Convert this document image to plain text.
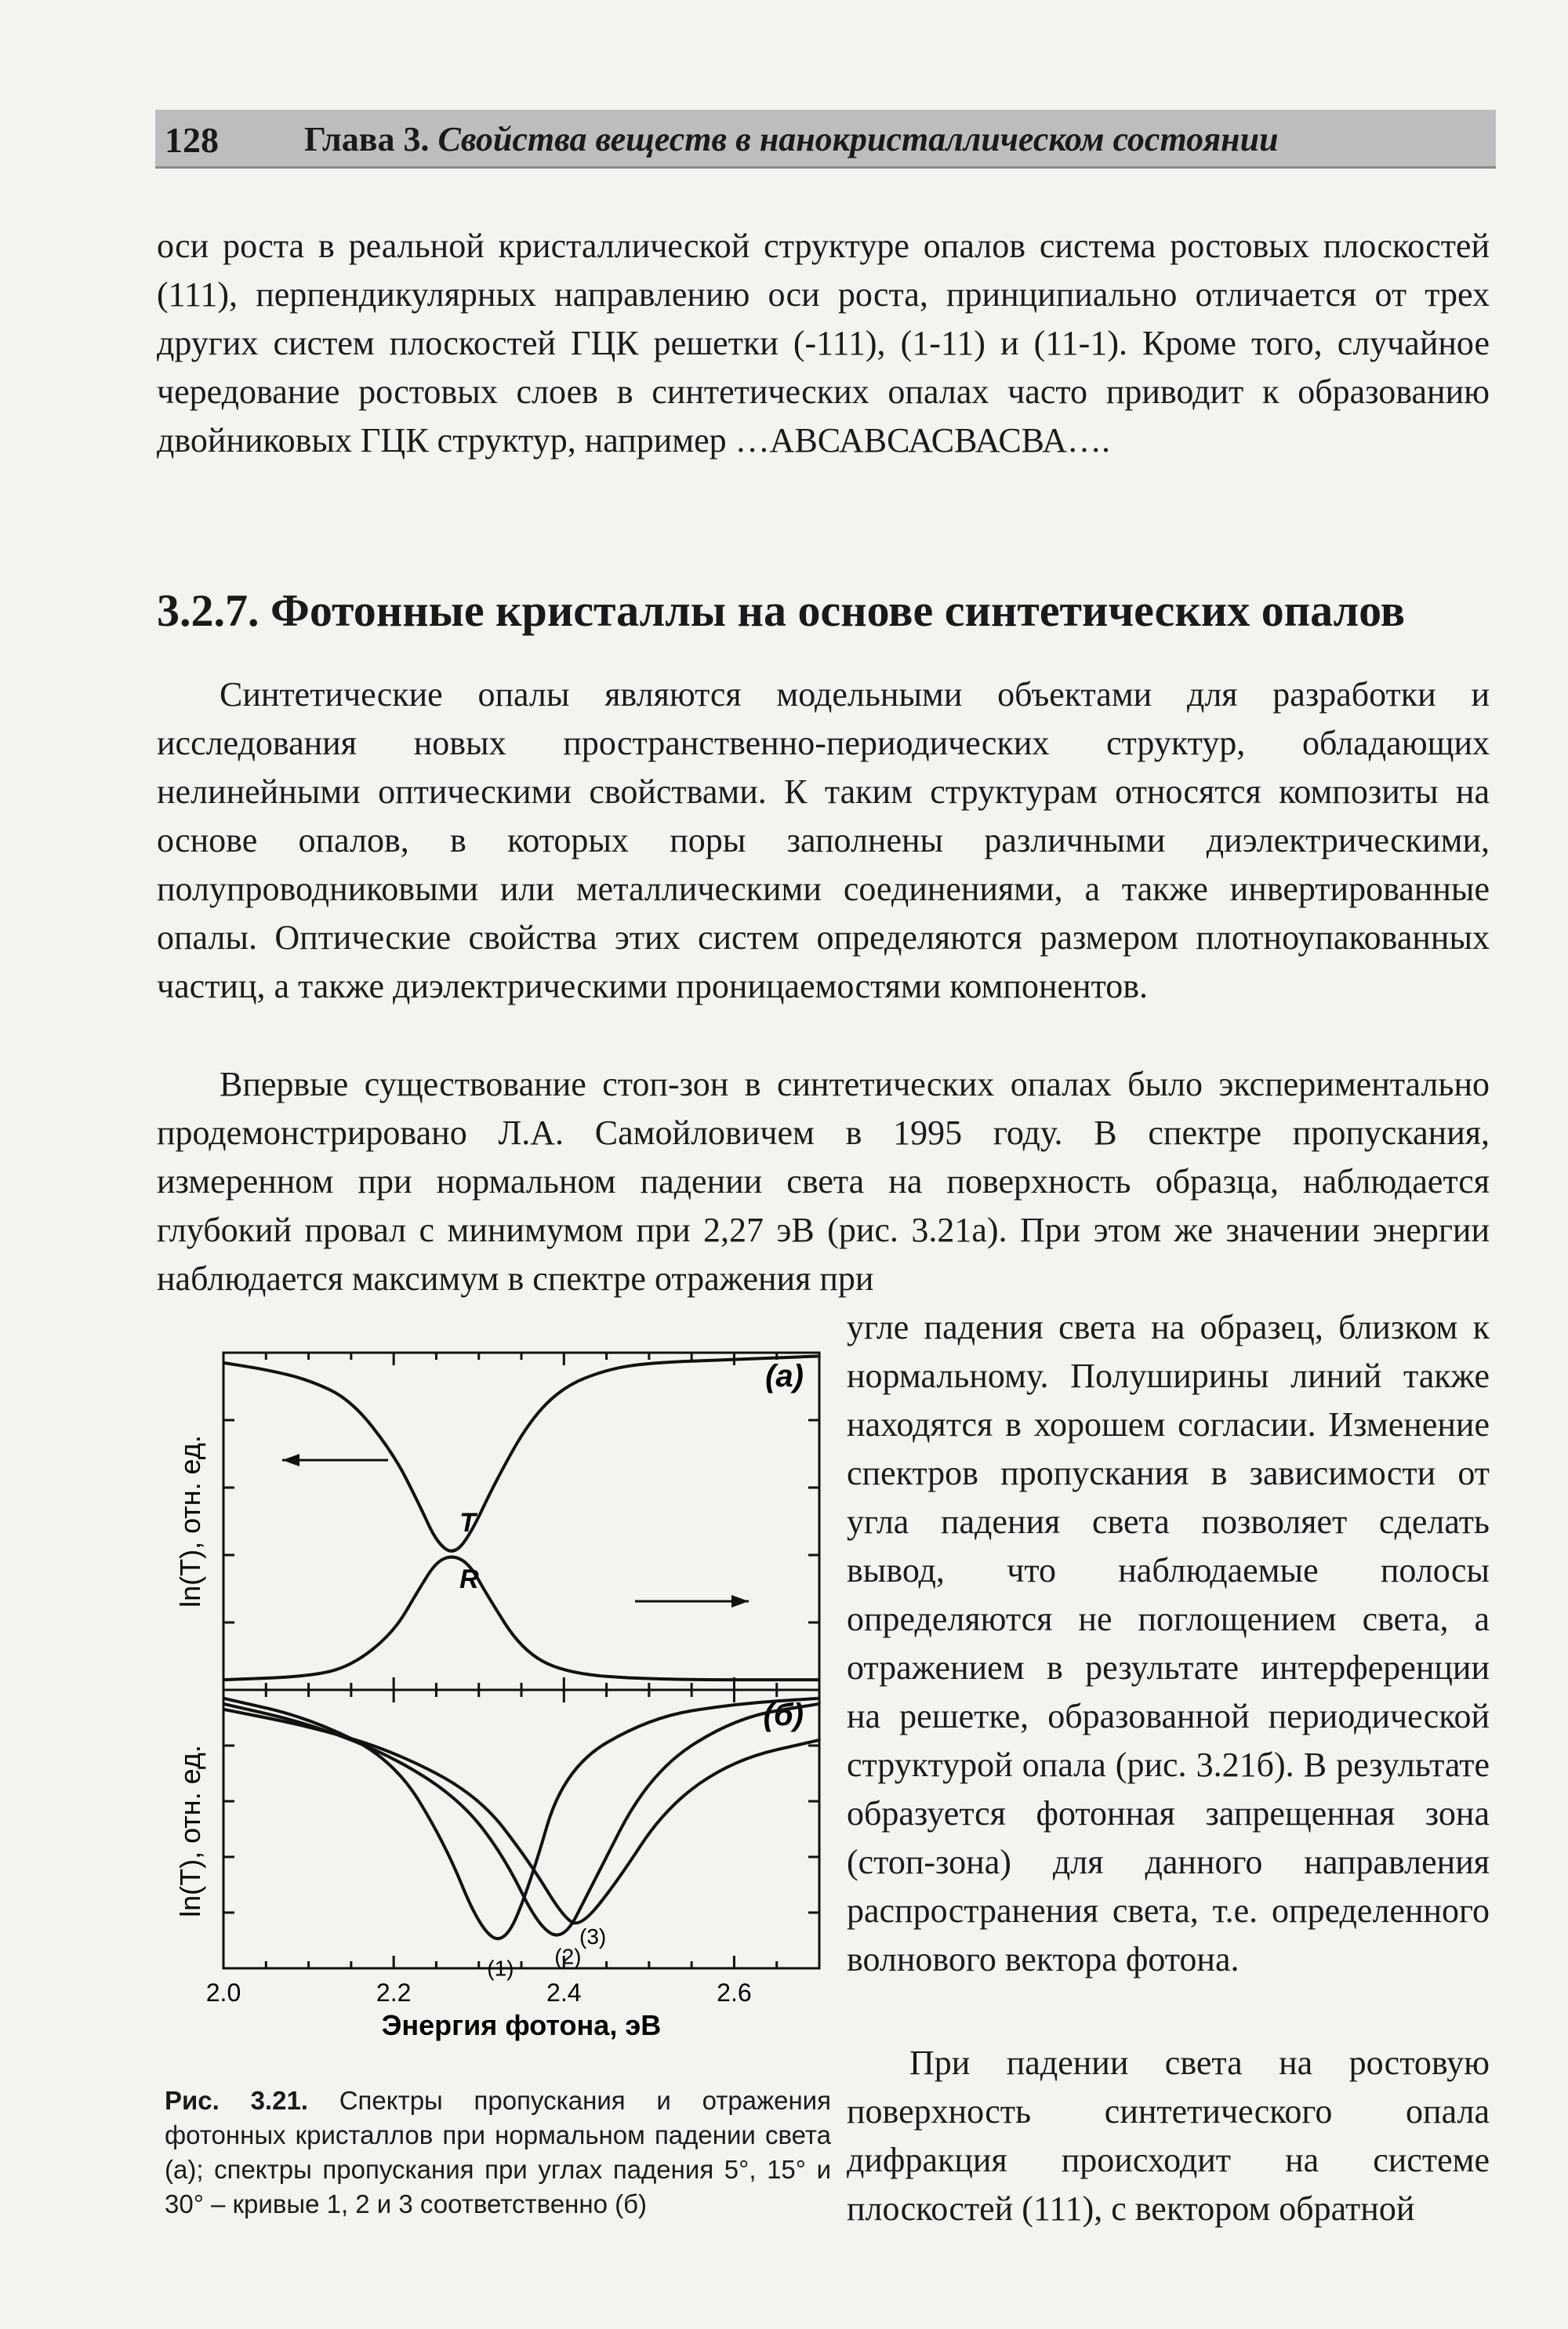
128 Глава 3. Свойства веществ в нанокристаллическом состоянии

оси роста в реальной кристаллической структуре опалов система ростовых плоскостей (111), перпендикулярных направлению оси роста, принципиально отличается от трех других систем плоскостей ГЦК решетки (-111), (1-11) и (11-1). Кроме того, случайное чередование ростовых слоев в синтетических опалах часто приводит к образованию двойниковых ГЦК структур, например …АВСАВСАСВАСВА….

3.2.7. Фотонные кристаллы на основе синтетических опалов

Синтетические опалы являются модельными объектами для разработки и исследования новых пространственно-периодических структур, обладающих нелинейными оптическими свойствами. К таким структурам относятся композиты на основе опалов, в которых поры заполнены различными диэлектрическими, полупроводниковыми или металлическими соединениями, а также инвертированные опалы. Оптические свойства этих систем определяются размером плотноупакованных частиц, а также диэлектрическими проницаемостями компонентов.

Впервые существование стоп-зон в синтетических опалах было экспериментально продемонстрировано Л.А. Самойловичем в 1995 году. В спектре пропускания, измеренном при нормальном падении света на поверхность образца, наблюдается глубокий провал с минимумом при 2,27 эВ (рис. 3.21а). При этом же значении энергии наблюдается максимум в спектре отражения при

угле падения света на образец, близком к нормальному. Полуширины линий также находятся в хорошем согласии. Изменение спектров пропускания в зависимости от угла падения света позволяет сделать вывод, что наблюдаемые полосы определяются не поглощением света, а отражением в результате интерференции на решетке, образованной периодической структурой опала (рис. 3.21б). В результате образуется фотонная запрещенная зона (стоп-зона) для данного направления распространения света, т.е. определенного волнового вектора фотона.

При падении света на ростовую поверхность синтетического опала дифракция происходит на системе плоскостей (111), с вектором обратной

(а)
ln(T), отн. ед.	T
R
(б)
ln(T), отн. ед.
(1) (2)
(3)
2.0	2.2	2.4	2.6
Энергия фотона, эВ

Рис. 3.21. Спектры пропускания и отражения фотонных кристаллов при нормальном падении света (а); спектры пропускания при углах падения 5°, 15° и 30° – кривые 1, 2 и 3 соответственно (б)
